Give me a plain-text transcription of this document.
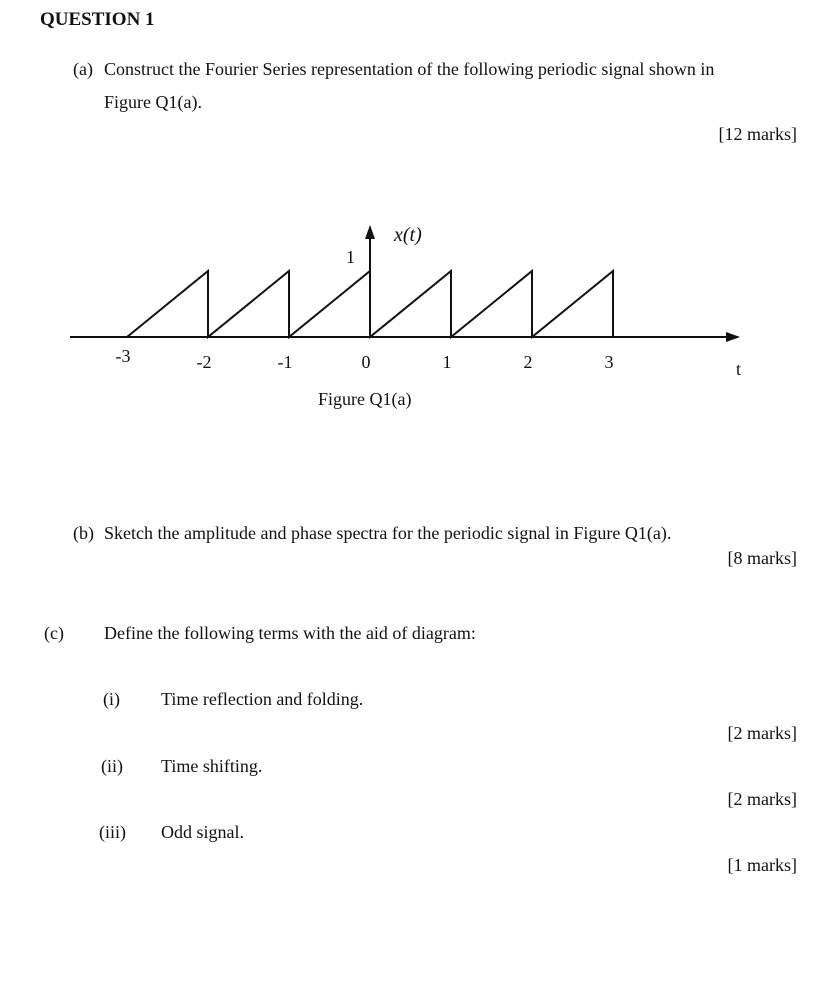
QUESTION 1
(a) Construct the Fourier Series representation of the following periodic signal shown in
Figure Q1(a).
[12 marks]
-3	-2	-1	0	1	2	3
1
x(t)
t
Figure Q1(a)
(b) Sketch the amplitude and phase spectra for the periodic signal in Figure Q1(a).
[8 marks]
(c) Define the following terms with the aid of diagram:
(i) Time reflection and folding.
[2 marks]
(ii) Time shifting.
[2 marks]
(iii) Odd signal.
[1 marks]
